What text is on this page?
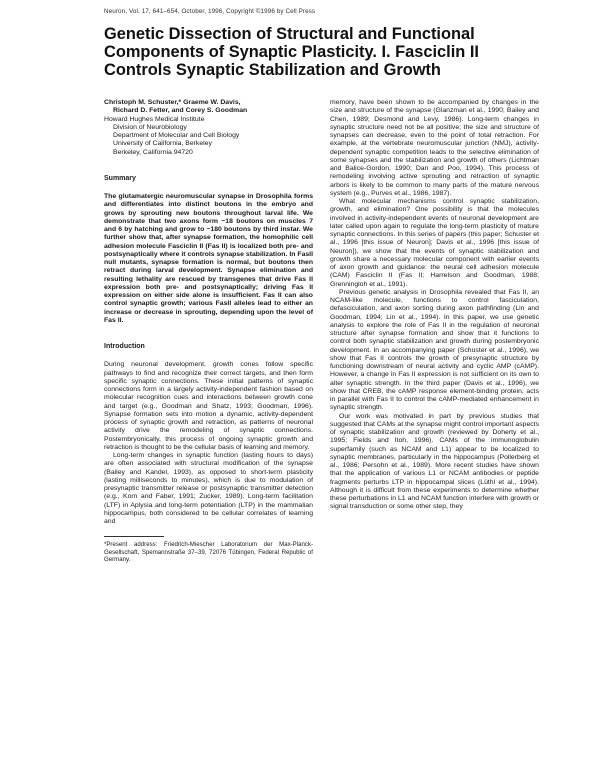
Neuron, Vol. 17, 641–654, October, 1996, Copyright ©1996 by Cell Press
Genetic Dissection of Structural and Functional Components of Synaptic Plasticity. I. Fasciclin II Controls Synaptic Stabilization and Growth

Christoph M. Schuster,* Graeme W. Davis,

Richard D. Fetter, and Corey S. Goodman

Howard Hughes Medical Institute

Division of Neurobiology

Department of Molecular and Cell Biology

University of California, Berkeley

Berkeley, California 94720

Summary
The glutamatergic neuromuscular synapse in Drosophila forms and differentiates into distinct boutons in the embryo and grows by sprouting new boutons throughout larval life. We demonstrate that two axons form ~18 boutons on muscles 7 and 6 by hatching and grow to ~180 boutons by third instar. We further show that, after synapse formation, the homophilic cell adhesion molecule Fasciclin II (Fas II) is localized both pre- and postsynaptically where it controls synapse stabilization. In FasII null mutants, synapse formation is normal, but boutons then retract during larval development. Synapse elimination and resulting lethality are rescued by transgenes that drive Fas II expression both pre- and postsynaptically; driving Fas II expression on either side alone is insufficient. Fas II can also control synaptic growth; various FasII alleles lead to either an increase or decrease in sprouting, depending upon the level of Fas II.
Introduction

During neuronal development, growth cones follow specific pathways to find and recognize their correct targets, and then form specific synaptic connections. These initial patterns of synaptic connections form in a largely activity-independent fashion based on molecular recognition cues and interactions between growth cone and target (e.g., Goodman and Shatz, 1993; Goodman, 1996). Synapse formation sets into motion a dynamic, activity-dependent process of synaptic growth and retraction, as patterns of neuronal activity drive the remodeling of synaptic connections. Postembryonically, this process of ongoing synaptic growth and retraction is thought to be the cellular basis of learning and memory.

Long-term changes in synaptic function (lasting hours to days) are often associated with structural modification of the synapse (Bailey and Kandel, 1993), as opposed to short-term plasticity (lasting milliseconds to minutes), which is due to modulation of presynaptic transmitter release or postsynaptic transmitter detection (e.g., Korn and Faber, 1991; Zucker, 1989). Long-term facilitation (LTF) in Aplysia and long-term potentiation (LTP) in the mammalian hippocampus, both considered to be cellular correlates of learning and

*Present address: Friedrich-Miescher Laboratorium der Max-Planck-Gesellschaft, Spemannstraße 37–39, 72076 Tübingen, Federal Republic of Germany.

memory, have been shown to be accompanied by changes in the size and structure of the synapse (Glanzman et al., 1990; Bailey and Chen, 1989; Desmond and Levy, 1986). Long-term changes in synaptic structure need not be all positive; the size and structure of synapses can decrease, even to the point of total retraction. For example, at the vertebrate neuromuscular junction (NMJ), activity-dependent synaptic competition leads to the selective elimination of some synapses and the stabilization and growth of others (Lichtman and Balice-Gordon, 1990; Dan and Poo, 1994). This process of remodeling involving active sprouting and retraction of synaptic arbors is likely to be common to many parts of the mature nervous system (e.g., Purves et al., 1986, 1987).

What molecular mechanisms control synaptic stabilization, growth, and elimination? One possibility is that the molecules involved in activity-independent events of neuronal development are later called upon again to regulate the long-term plasticity of mature synaptic connections. In this series of papers (this paper; Schuster et al., 1996 [this issue of Neuron]; Davis et al., 1996 [this issue of Neuron]), we show that the events of synaptic stabilization and growth share a necessary molecular component with earlier events of axon growth and guidance: the neural cell adhesion molecule (CAM) Fasciclin II (Fas II; Harrelson and Goodman, 1988; Grenningloh et al., 1991).

Previous genetic analysis in Drosophila revealed that Fas II, an NCAM-like molecule, functions to control fasciculation, defasciculation, and axon sorting during axon pathfinding (Lin and Goodman, 1994; Lin et al., 1994). In this paper, we use genetic analysis to explore the role of Fas II in the regulation of neuronal structure after synapse formation and show that it functions to control both synaptic stabilization and growth during postembryonic development. In an accompanying paper (Schuster et al., 1996), we show that Fas II controls the growth of presynaptic structure by functioning downstream of neural activity and cyclic AMP (cAMP). However, a change in Fas II expression is not sufficient on its own to alter synaptic strength. In the third paper (Davis et al., 1996), we show that CREB, the cAMP response element-binding protein, acts in parallel with Fas II to control the cAMP-mediated enhancement in synaptic strength.

Our work was motivated in part by previous studies that suggested that CAMs at the synapse might control important aspects of synaptic stabilization and growth (reviewed by Doherty et al., 1995; Fields and Itoh, 1996). CAMs of the immunoglobulin superfamily (such as NCAM and L1) appear to be localized to synaptic membranes, particularly in the hippocampus (Pollerberg et al., 1986; Persohn et al., 1989). More recent studies have shown that the application of various L1 or NCAM antibodies or peptide fragments perturbs LTP in hippocampal slices (Lüthl et al., 1994). Although it is difficult from these experiments to determine whether these perturbations in L1 and NCAM function interfere with growth or signal transduction or some other step, they
